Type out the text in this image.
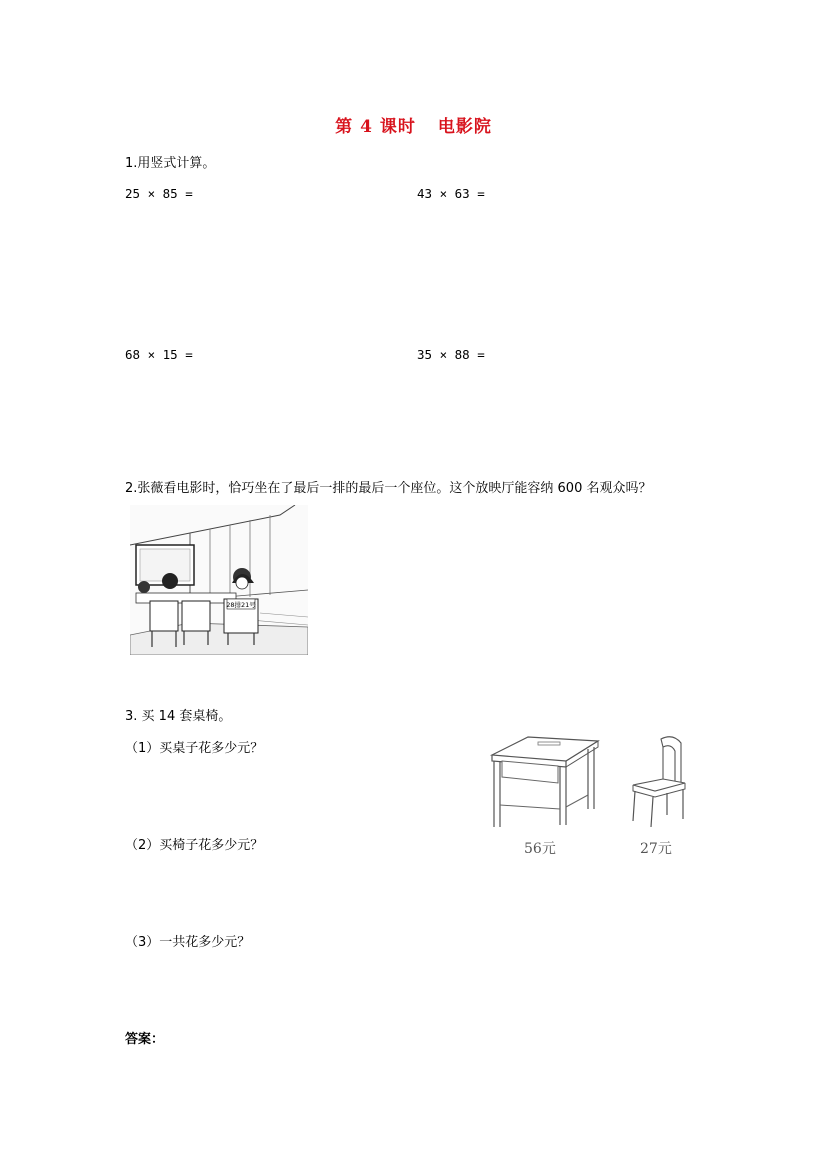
第 4 课时 电影院
1.用竖式计算。
25 × 85 =	43 × 63 =
68 × 15 =	35 × 88 =
2.张薇看电影时，恰巧坐在了最后一排的最后一个座位。这个放映厅能容纳 600 名观众吗？
28排21号
3. 买 14 套桌椅。
（1）买桌子花多少元？
（2）买椅子花多少元？
（3）一共花多少元？
56元	27元
答案：
